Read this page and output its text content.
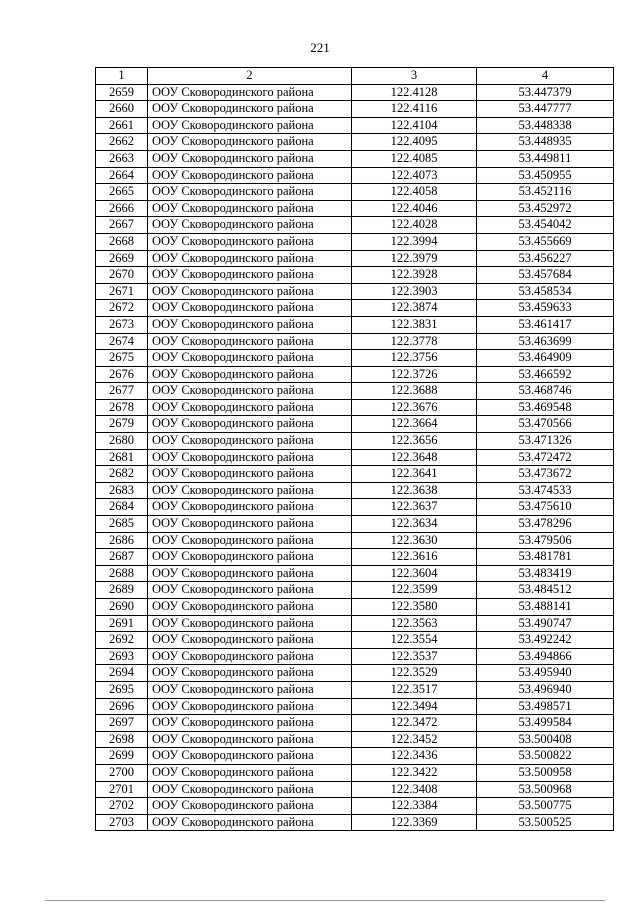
221
1	2	3	4
2659	ООУ Сковородинского района	122.4128	53.447379
2660	ООУ Сковородинского района	122.4116	53.447777
2661	ООУ Сковородинского района	122.4104	53.448338
2662	ООУ Сковородинского района	122.4095	53.448935
2663	ООУ Сковородинского района	122.4085	53.449811
2664	ООУ Сковородинского района	122.4073	53.450955
2665	ООУ Сковородинского района	122.4058	53.452116
2666	ООУ Сковородинского района	122.4046	53.452972
2667	ООУ Сковородинского района	122.4028	53.454042
2668	ООУ Сковородинского района	122.3994	53.455669
2669	ООУ Сковородинского района	122.3979	53.456227
2670	ООУ Сковородинского района	122.3928	53.457684
2671	ООУ Сковородинского района	122.3903	53.458534
2672	ООУ Сковородинского района	122.3874	53.459633
2673	ООУ Сковородинского района	122.3831	53.461417
2674	ООУ Сковородинского района	122.3778	53.463699
2675	ООУ Сковородинского района	122.3756	53.464909
2676	ООУ Сковородинского района	122.3726	53.466592
2677	ООУ Сковородинского района	122.3688	53.468746
2678	ООУ Сковородинского района	122.3676	53.469548
2679	ООУ Сковородинского района	122.3664	53.470566
2680	ООУ Сковородинского района	122.3656	53.471326
2681	ООУ Сковородинского района	122.3648	53.472472
2682	ООУ Сковородинского района	122.3641	53.473672
2683	ООУ Сковородинского района	122.3638	53.474533
2684	ООУ Сковородинского района	122.3637	53.475610
2685	ООУ Сковородинского района	122.3634	53.478296
2686	ООУ Сковородинского района	122.3630	53.479506
2687	ООУ Сковородинского района	122.3616	53.481781
2688	ООУ Сковородинского района	122.3604	53.483419
2689	ООУ Сковородинского района	122.3599	53.484512
2690	ООУ Сковородинского района	122.3580	53.488141
2691	ООУ Сковородинского района	122.3563	53.490747
2692	ООУ Сковородинского района	122.3554	53.492242
2693	ООУ Сковородинского района	122.3537	53.494866
2694	ООУ Сковородинского района	122.3529	53.495940
2695	ООУ Сковородинского района	122.3517	53.496940
2696	ООУ Сковородинского района	122.3494	53.498571
2697	ООУ Сковородинского района	122.3472	53.499584
2698	ООУ Сковородинского района	122.3452	53.500408
2699	ООУ Сковородинского района	122.3436	53.500822
2700	ООУ Сковородинского района	122.3422	53.500958
2701	ООУ Сковородинского района	122.3408	53.500968
2702	ООУ Сковородинского района	122.3384	53.500775
2703	ООУ Сковородинского района	122.3369	53.500525
